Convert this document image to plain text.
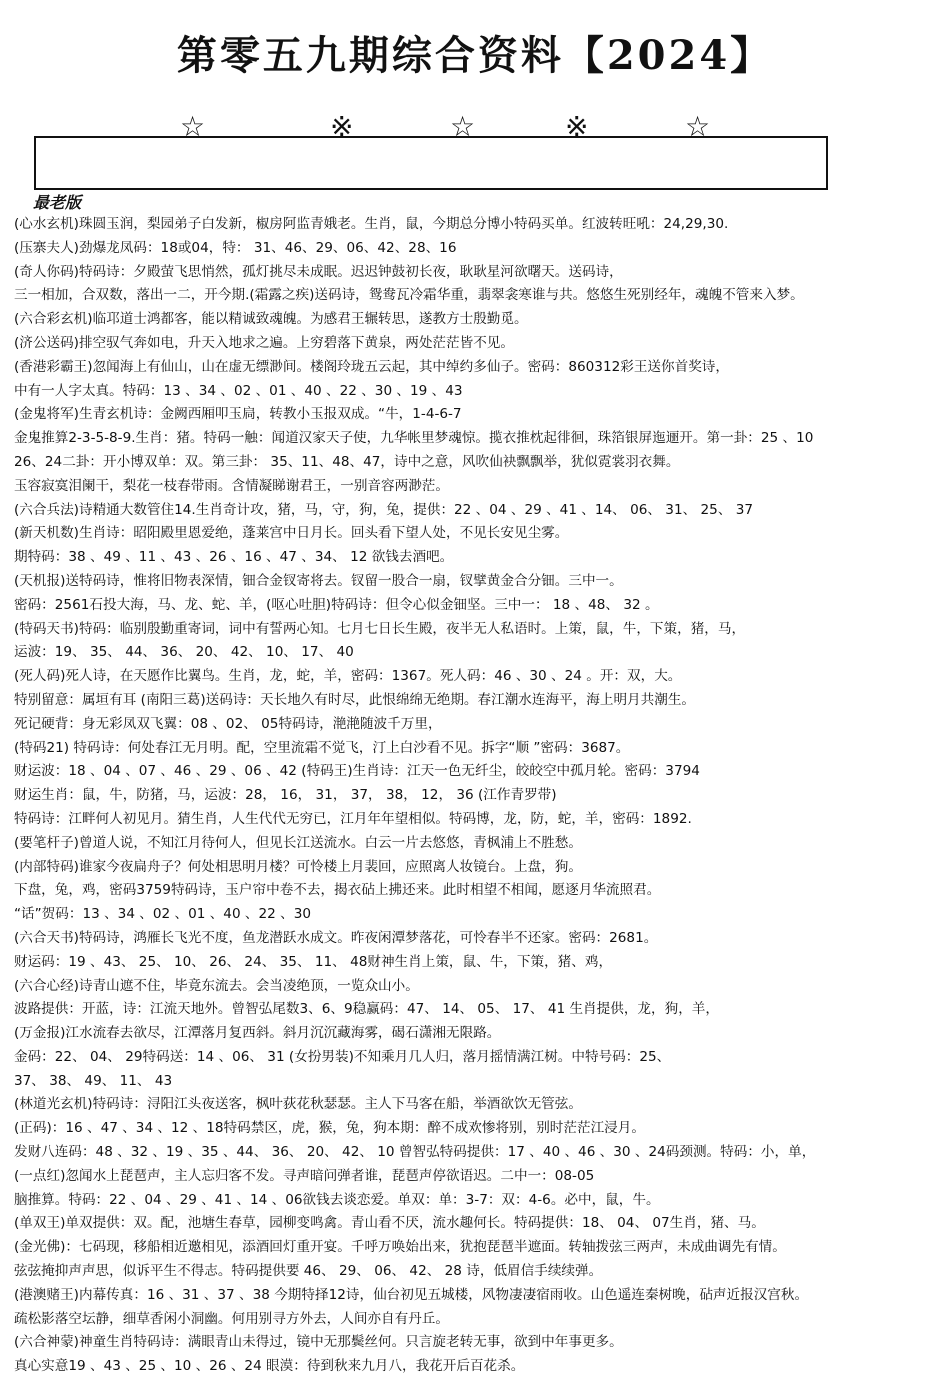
第零五九期综合资料【2024】
☆	※	☆	※	☆
最老版
(心水玄机)珠圆玉润，梨园弟子白发新，椒房阿监青娥老。生肖，鼠，今期总分博小特码买单。红波转旺吼：24,29,30.
(压寨夫人)劲爆龙凤码：18或04，特： 31、46、29、06、42、28、16
(奇人你码)特码诗：夕殿萤飞思悄然，孤灯挑尽未成眠。迟迟钟鼓初长夜，耿耿星河欲曙天。送码诗，
三一相加，合双数，落出一二，开今期.(霜露之疾)送码诗，鸳鸯瓦冷霜华重，翡翠衾寒谁与共。悠悠生死别经年，魂魄不管来入梦。
(六合彩玄机)临邛道士鸿都客，能以精诚致魂魄。为感君王辗转思，遂教方士殷勤觅。
(济公送码)排空驭气奔如电，升天入地求之遍。上穷碧落下黄泉，两处茫茫皆不见。
(香港彩霸王)忽闻海上有仙山，山在虚无缥渺间。楼阁玲珑五云起，其中绰约多仙子。密码：860312彩王送你首奖诗，
中有一人字太真。特码：13 、34 、02 、01 、40 、22 、30 、19 、43
(金鬼将军)生青玄机诗：金阙西厢叩玉扃，转教小玉报双成。“牛，1-4-6-7
金鬼推算2-3-5-8-9.生肖：猪。特码一触：闻道汉家天子使，九华帐里梦魂惊。揽衣推枕起徘徊，珠箔银屏迤逦开。第一卦：25 、10
26、24二卦：开小博双单：双。第三卦： 35、11、48、47，诗中之意，风吹仙袂飘飘举，犹似霓裳羽衣舞。
玉容寂寞泪阑干，梨花一枝春带雨。含情凝睇谢君王，一别音容两渺茫。
(六合兵法)诗精通大数管住14.生肖奇计攻，猪，马，守，狗，兔，提供：22 、04 、29 、41 、14、 06、 31、 25、 37
(新天机数)生肖诗：昭阳殿里恩爱绝，蓬莱宫中日月长。回头看下望人处，不见长安见尘雾。
期特码：38 、49 、11 、43 、26 、16 、47 、34、 12 欲钱去酒吧。
(天机报)送特码诗，惟将旧物表深情，钿合金钗寄将去。钗留一股合一扇，钗擘黄金合分钿。三中一。
密码：2561石投大海，马、龙、蛇、羊，(呕心吐胆)特码诗：但令心似金钿坚。三中一： 18 、48、 32 。
(特码天书)特码：临别殷勤重寄词，词中有誓两心知。七月七日长生殿，夜半无人私语时。上策，鼠，牛，下策，猪，马，
运波：19、 35、 44、 36、 20、 42、 10、 17、 40
(死人码)死人诗，在天愿作比翼鸟。生肖，龙，蛇，羊，密码：1367。死人码：46 、30 、24 。开：双，大。
特别留意：属垣有耳 (南阳三葛)送码诗：天长地久有时尽，此恨绵绵无绝期。春江潮水连海平，海上明月共潮生。
死记硬背：身无彩凤双飞翼：08 、02、 05特码诗，滟滟随波千万里，
(特码21) 特码诗：何处春江无月明。配，空里流霜不觉飞，汀上白沙看不见。拆字“顺 ”密码：3687。
财运波：18 、04 、07 、46 、29 、06 、42 (特码王)生肖诗：江天一色无纤尘，皎皎空中孤月轮。密码：3794
财运生肖：鼠，牛，防猪，马，运波：28， 16， 31， 37， 38， 12， 36 (江作青罗带)
特码诗：江畔何人初见月。猜生肖，人生代代无穷已，江月年年望相似。特码博，龙，防，蛇，羊，密码：1892.
(要笔杆子)曾道人说，不知江月待何人，但见长江送流水。白云一片去悠悠，青枫浦上不胜愁。
(内部特码)谁家今夜扁舟子？何处相思明月楼？可怜楼上月裴回，应照离人妆镜台。上盘，狗。
下盘，兔，鸡，密码3759特码诗，玉户帘中卷不去，揭衣砧上拂还来。此时相望不相闻，愿逐月华流照君。
“话”贺码：13 、34 、02 、01 、40 、22 、30
(六合天书)特码诗，鸿雁长飞光不度，鱼龙潜跃水成文。昨夜闲潭梦落花，可怜春半不还家。密码：2681。
财运码：19 、43、 25、 10、 26、 24、 35、 11、 48财神生肖上策，鼠、牛，下策，猪、鸡，
(六合心经)诗青山遮不住，毕竟东流去。会当凌绝顶，一览众山小。
波路提供：开蓝，诗：江流天地外。曾智弘尾数3、6、9稳赢码：47、 14、 05、 17、 41 生肖提供，龙，狗，羊，
(万金报)江水流春去欲尽，江潭落月复西斜。斜月沉沉藏海雾，碣石潇湘无限路。
金码：22、 04、 29特码送：14 、06、 31 (女扮男装)不知乘月几人归，落月摇情满江树。中特号码：25、
37、 38、 49、 11、 43
(林道光玄机)特码诗：浔阳江头夜送客，枫叶荻花秋瑟瑟。主人下马客在船，举酒欲饮无管弦。
(正码)：16 、47 、34 、12 、18特码禁区，虎，猴，兔，狗本期：醉不成欢惨将别，别时茫茫江浸月。
发财八连码：48 、32 、19 、35 、44、 36、 20、 42、 10 曾智弘特码提供：17 、40 、46 、30 、24码颈测。特码：小，单，
(一点红)忽闻水上琵琶声，主人忘归客不发。寻声暗问弹者谁，琵琶声停欲语迟。二中一：08-05
脑推算。特码：22 、04 、29 、41 、14 、06欲钱去谈恋爱。单双：单：3-7：双：4-6。必中，鼠，牛。
(单双王)单双提供：双。配，池塘生春草，园柳变鸣禽。青山看不厌，流水趣何长。特码提供：18、 04、 07生肖，猪、马。
(金光佛)：七码现，移船相近邀相见，添酒回灯重开宴。千呼万唤始出来，犹抱琵琶半遮面。转轴拨弦三两声，未成曲调先有情。
弦弦掩抑声声思，似诉平生不得志。特码提供要 46、 29、 06、 42、 28 诗，低眉信手续续弹。
(港澳赌王)内幕传真：16 、31 、37 、38 今期特择12诗，仙台初见五城楼，风物凄凄宿雨收。山色遥连秦树晚，砧声近报汉宫秋。
疏松影落空坛静，细草香闲小洞幽。何用别寻方外去，人间亦自有丹丘。
(六合神蒙)神童生肖特码诗：满眼青山未得过，镜中无那鬓丝何。只言旋老转无事，欲到中年事更多。
真心实意19 、43 、25 、10 、26 、24 眼漠：待到秋来九月八，我花开后百花杀。
